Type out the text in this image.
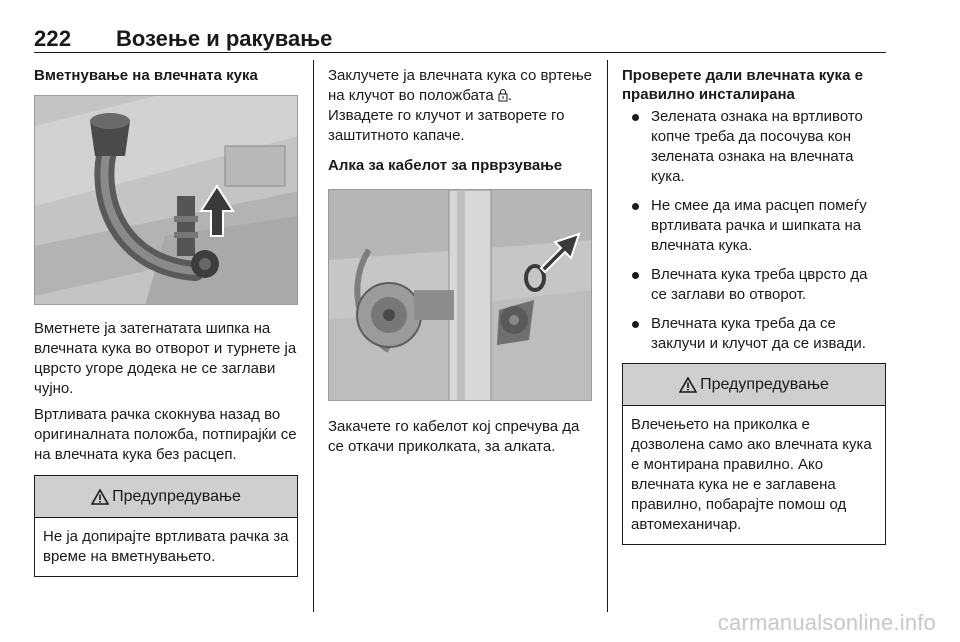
222 Возење и ракување
Вметнување на влечната кука
Вметнете ја затегнатата шипка на влечната кука во отворот и турнете ја цврсто угоре додека не се заглави чујно.
Вртливата рачка скокнува назад во оригиналната положба, потпирајќи се на влечната кука без расцеп.
Предупредување
Не ја допирајте вртливата рачка за време на вметнувањето.
Заклучете ја влечната кука со вртење на клучот во положбата .
Извадете го клучот и затворете го заштитното капаче.
Алка за кабелот за прврзување
Закачете го кабелот кој спречува да се откачи приколката, за алката.
Проверете дали влечната кука е правилно инсталирана
Зелената ознака на вртливото копче треба да посочува кон зелената ознака на влечната кука.
Не смее да има расцеп помеѓу вртливата рачка и шипката на влечната кука.
Влечната кука треба цврсто да се заглави во отворот.
Влечната кука треба да се заклучи и клучот да се извади.
Предупредување
Влечењето на приколка е дозволена само ако влечната кука е монтирана правилно. Ако влечната кука не е заглавена правилно, побарајте помош од автомеханичар.
carmanualsonline.info
